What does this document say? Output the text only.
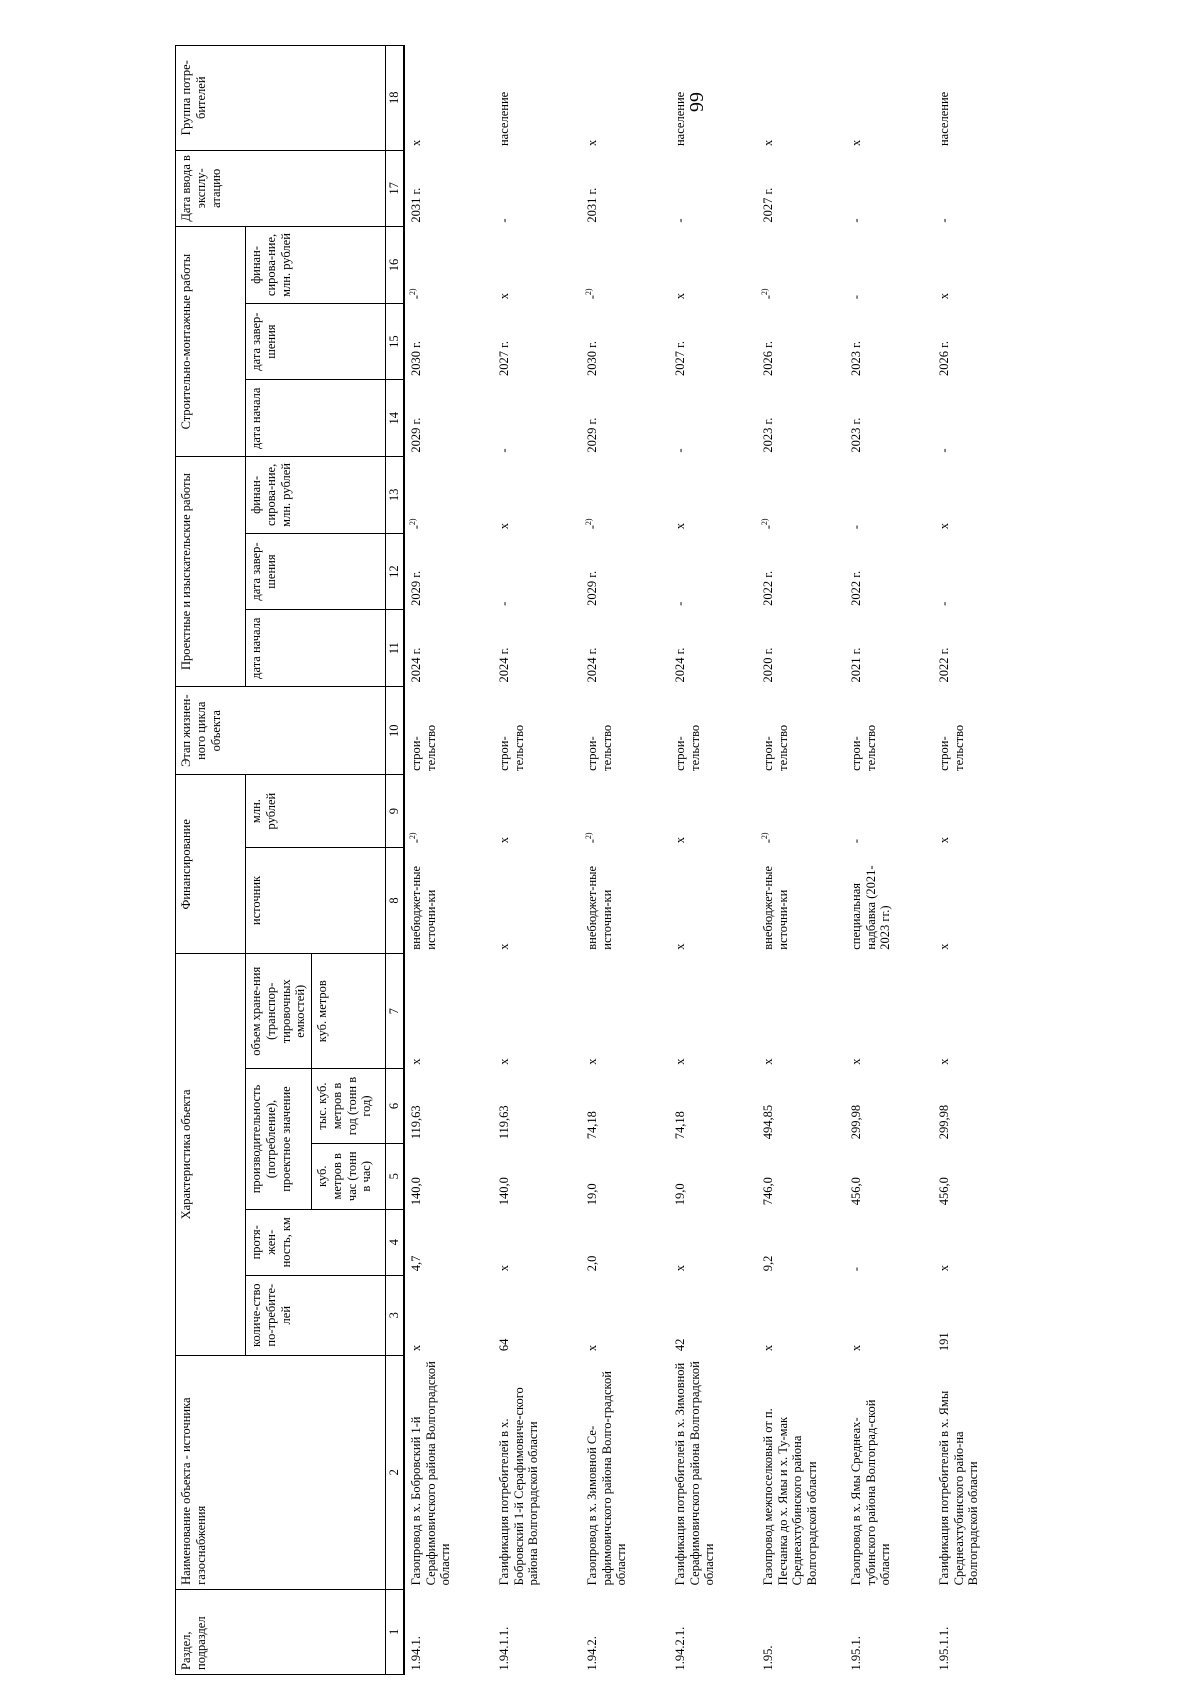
66
Раздел, подраздел	Наименование объекта - источника газоснабжения	Характеристика объекта					Финансирование		Этап жизнен-ного цикла объекта	Проектные и изыскательские работы			Строительно-монтажные работы			Дата ввода в эксплу-атацию	Группа потре-бителей
		количе-ство по-требите-лей	протя-жен-ность, км	производительность (потребление), проектное значение		объем хране-ния (транспор-тировочных емкостей)	источник	млн. рублей		дата начала	дата завер-шения	финан-сирова-ние, млн. рублей	дата начала	дата завер-шения	финан-сирова-ние, млн. рублей		
				куб. метров в час (тонн в час)	тыс. куб. метров в год (тонн в год)	куб. метров											
1	2	3	4	5	6	7	8	9	10	11	12	13	14	15	16	17	18
1.94.1.	Газопровод в х. Бобровский 1-й Серафимовичского района Волгоградской области	х	4,7	140,0	119,63	х	внебюджет-ные источни-ки	-$^{2)}$	строи-тельство	2024 г.	2029 г.	-$^{2)}$	2029 г.	2030 г.	-$^{2)}$	2031 г.	х
1.94.1.1.	Газификация потребителей в х. Бобровский 1-й Серафимовиче-ского района Волгоградской области	64	х	140,0	119,63	х	х	х	строи-тельство	2024 г.	-	х	-	2027 г.	х	-	население
1.94.2.	Газопровод в х. Зимовной Се-рафимовичского района Волго-градской области	х	2,0	19,0	74,18	х	внебюджет-ные источни-ки	-$^{2)}$	строи-тельство	2024 г.	2029 г.	-$^{2)}$	2029 г.	2030 г.	-$^{2)}$	2031 г.	х
1.94.2.1.	Газификация потребителей в х. Зимовной Серафимовичского района Волгоградской области	42	х	19,0	74,18	х	х	х	строи-тельство	2024 г.	-	х	-	2027 г.	х	-	население
1.95.	Газопровод межпоселковый от п. Песчанка до х. Ямы и х. Ту-мак Среднеахтубинского района Волгоградской области	х	9,2	746,0	494,85	х	внебюджет-ные источни-ки	-$^{2)}$	строи-тельство	2020 г.	2022 г.	-$^{2)}$	2023 г.	2026 г.	-$^{2)}$	2027 г.	х
1.95.1.	Газопровод в х. Ямы Среднеах-тубинского района Волгоград-ской области	х	-	456,0	299,98	х	специальная надбавка (2021-2023 гг.)	-	строи-тельство	2021 г.	2022 г.	-	2023 г.	2023 г.	-	-	х
1.95.1.1.	Газификация потребителей в х. Ямы Среднеахтубинского райо-на Волгоградской области	191	х	456,0	299,98	х	х	х	строи-тельство	2022 г.	-	х	-	2026 г.	х	-	население
